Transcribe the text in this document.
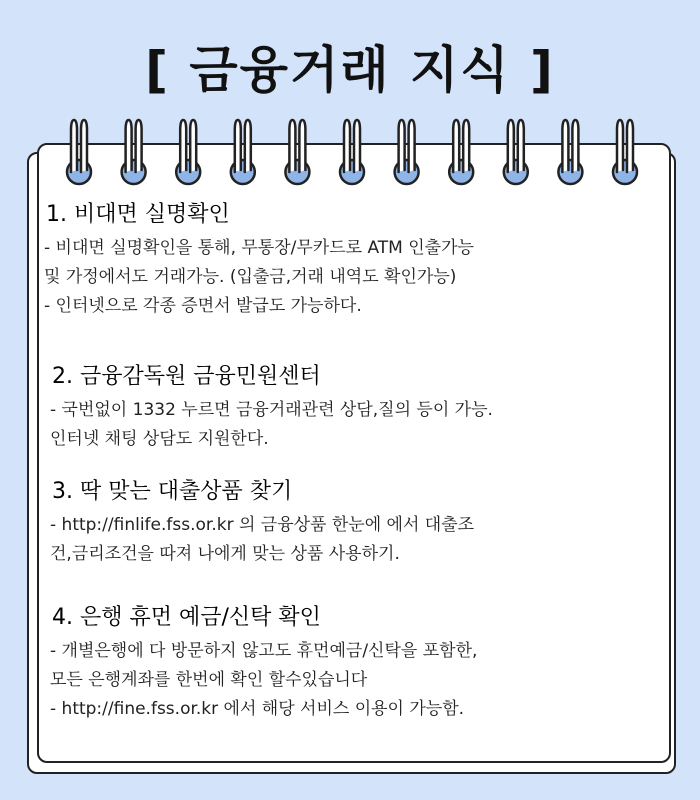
[ 금융거래 지식 ]
1. 비대면 실명확인

- 비대면 실명확인을 통해, 무통장/무카드로 ATM 인출가능

및 가정에서도 거래가능. (입출금,거래 내역도 확인가능)

- 인터넷으로 각종 증면서 발급도 가능하다.

2. 금융감독원 금융민원센터

- 국번없이 1332 누르면 금융거래관련 상담,질의 등이 가능.

인터넷 채팅 상담도 지원한다.

3. 딱 맞는 대출상품 찾기

- http://finlife.fss.or.kr 의 금융상품 한눈에 에서 대출조

건,금리조건을 따져 나에게 맞는 상품 사용하기.

4. 은행 휴먼 예금/신탁 확인

- 개별은행에 다 방문하지 않고도 휴먼예금/신탁을 포함한,

모든 은행계좌를 한번에 확인 할수있습니다

- http://fine.fss.or.kr 에서 해당 서비스 이용이 가능함.
